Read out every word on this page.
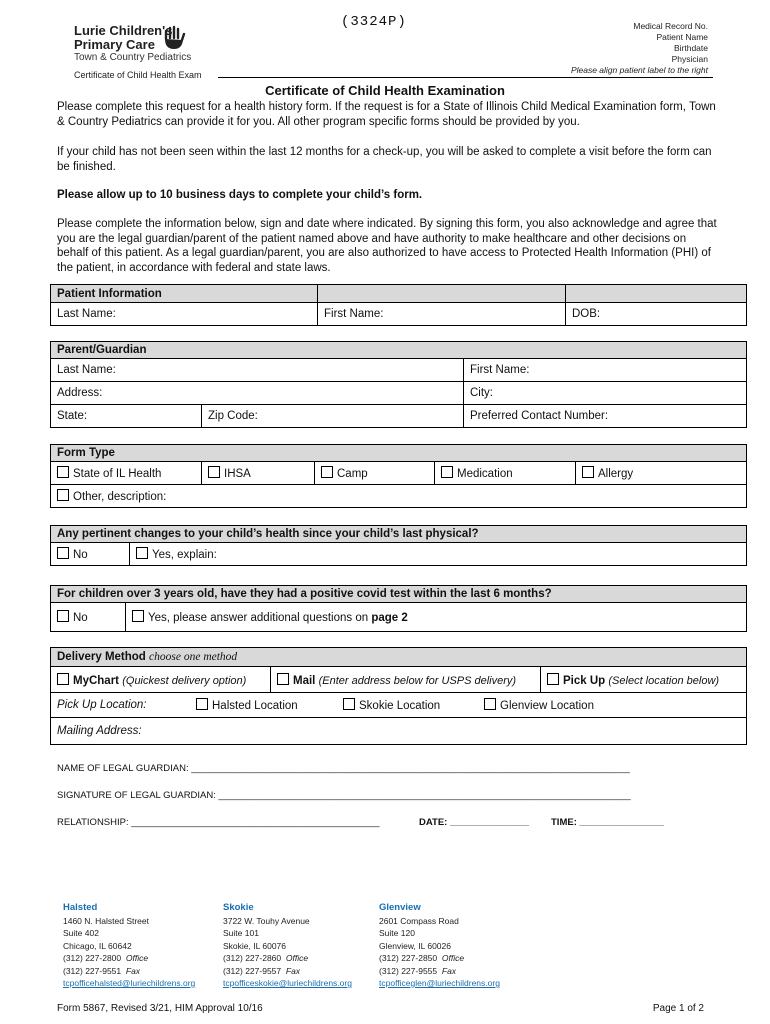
Lurie Children's
Primary Care
Town & Country Pediatrics
Certificate of Child Health Exam
(3324P)	Medical Record No.
Patient Name
Birthdate
Physician
Please align patient label to the right
Certificate of Child Health Examination
Please complete this request for a health history form. If the request is for a State of Illinois Child Medical Examination form, Town & Country Pediatrics can provide it for you. All other program specific forms should be provided by you.
If your child has not been seen within the last 12 months for a check-up, you will be asked to complete a visit before the form can be finished.
Please allow up to 10 business days to complete your child’s form.
Please complete the information below, sign and date where indicated. By signing this form, you also acknowledge and agree that you are the legal guardian/parent of the patient named above and have authority to make healthcare and other decisions on behalf of this patient. As a legal guardian/parent, you are also authorized to have access to Protected Health Information (PHI) of the patient, in accordance with federal and state laws.
Patient Information		
Last Name:	First Name:	DOB:
Parent/Guardian		
Last Name:		First Name:
Address:		City:
State:	Zip Code:	Preferred Contact Number:
Form Type
State of IL Health	IHSA	Camp	Medication	Allergy
Other, description:
Any pertinent changes to your child’s health since your child’s last physical?
No	Yes, explain:
For children over 3 years old, have they had a positive covid test within the last 6 months?
No	Yes, please answer additional questions on page 2
Delivery Method choose one method
MyChart (Quickest delivery option)	Mail (Enter address below for USPS delivery)	Pick Up (Select location below)
Pick Up Location:	Halsted Location	Skokie Location	Glenview Location

Mailing Address:
NAME OF LEGAL GUARDIAN: ___________________________________________________________________________________
SIGNATURE OF LEGAL GUARDIAN: ______________________________________________________________________________
RELATIONSHIP: _______________________________________________	DATE: _______________ TIME: ________________
Halsted
1460 N. Halsted Street
Suite 402
Chicago, IL 60642
(312) 227-2800 Office
(312) 227-9551 Fax
tcpofficehalsted@luriechildrens.org
Skokie
3722 W. Touhy Avenue
Suite 101
Skokie, IL 60076
(312) 227-2860 Office
(312) 227-9557 Fax
tcpofficeskokie@luriechildrens.org
Glenview
2601 Compass Road
Suite 120
Glenview, IL 60026
(312) 227-2850 Office
(312) 227-9555 Fax
tcpofficeglen@luriechildrens.org
Form 5867, Revised 3/21, HIM Approval 10/16	Page 1 of 2
